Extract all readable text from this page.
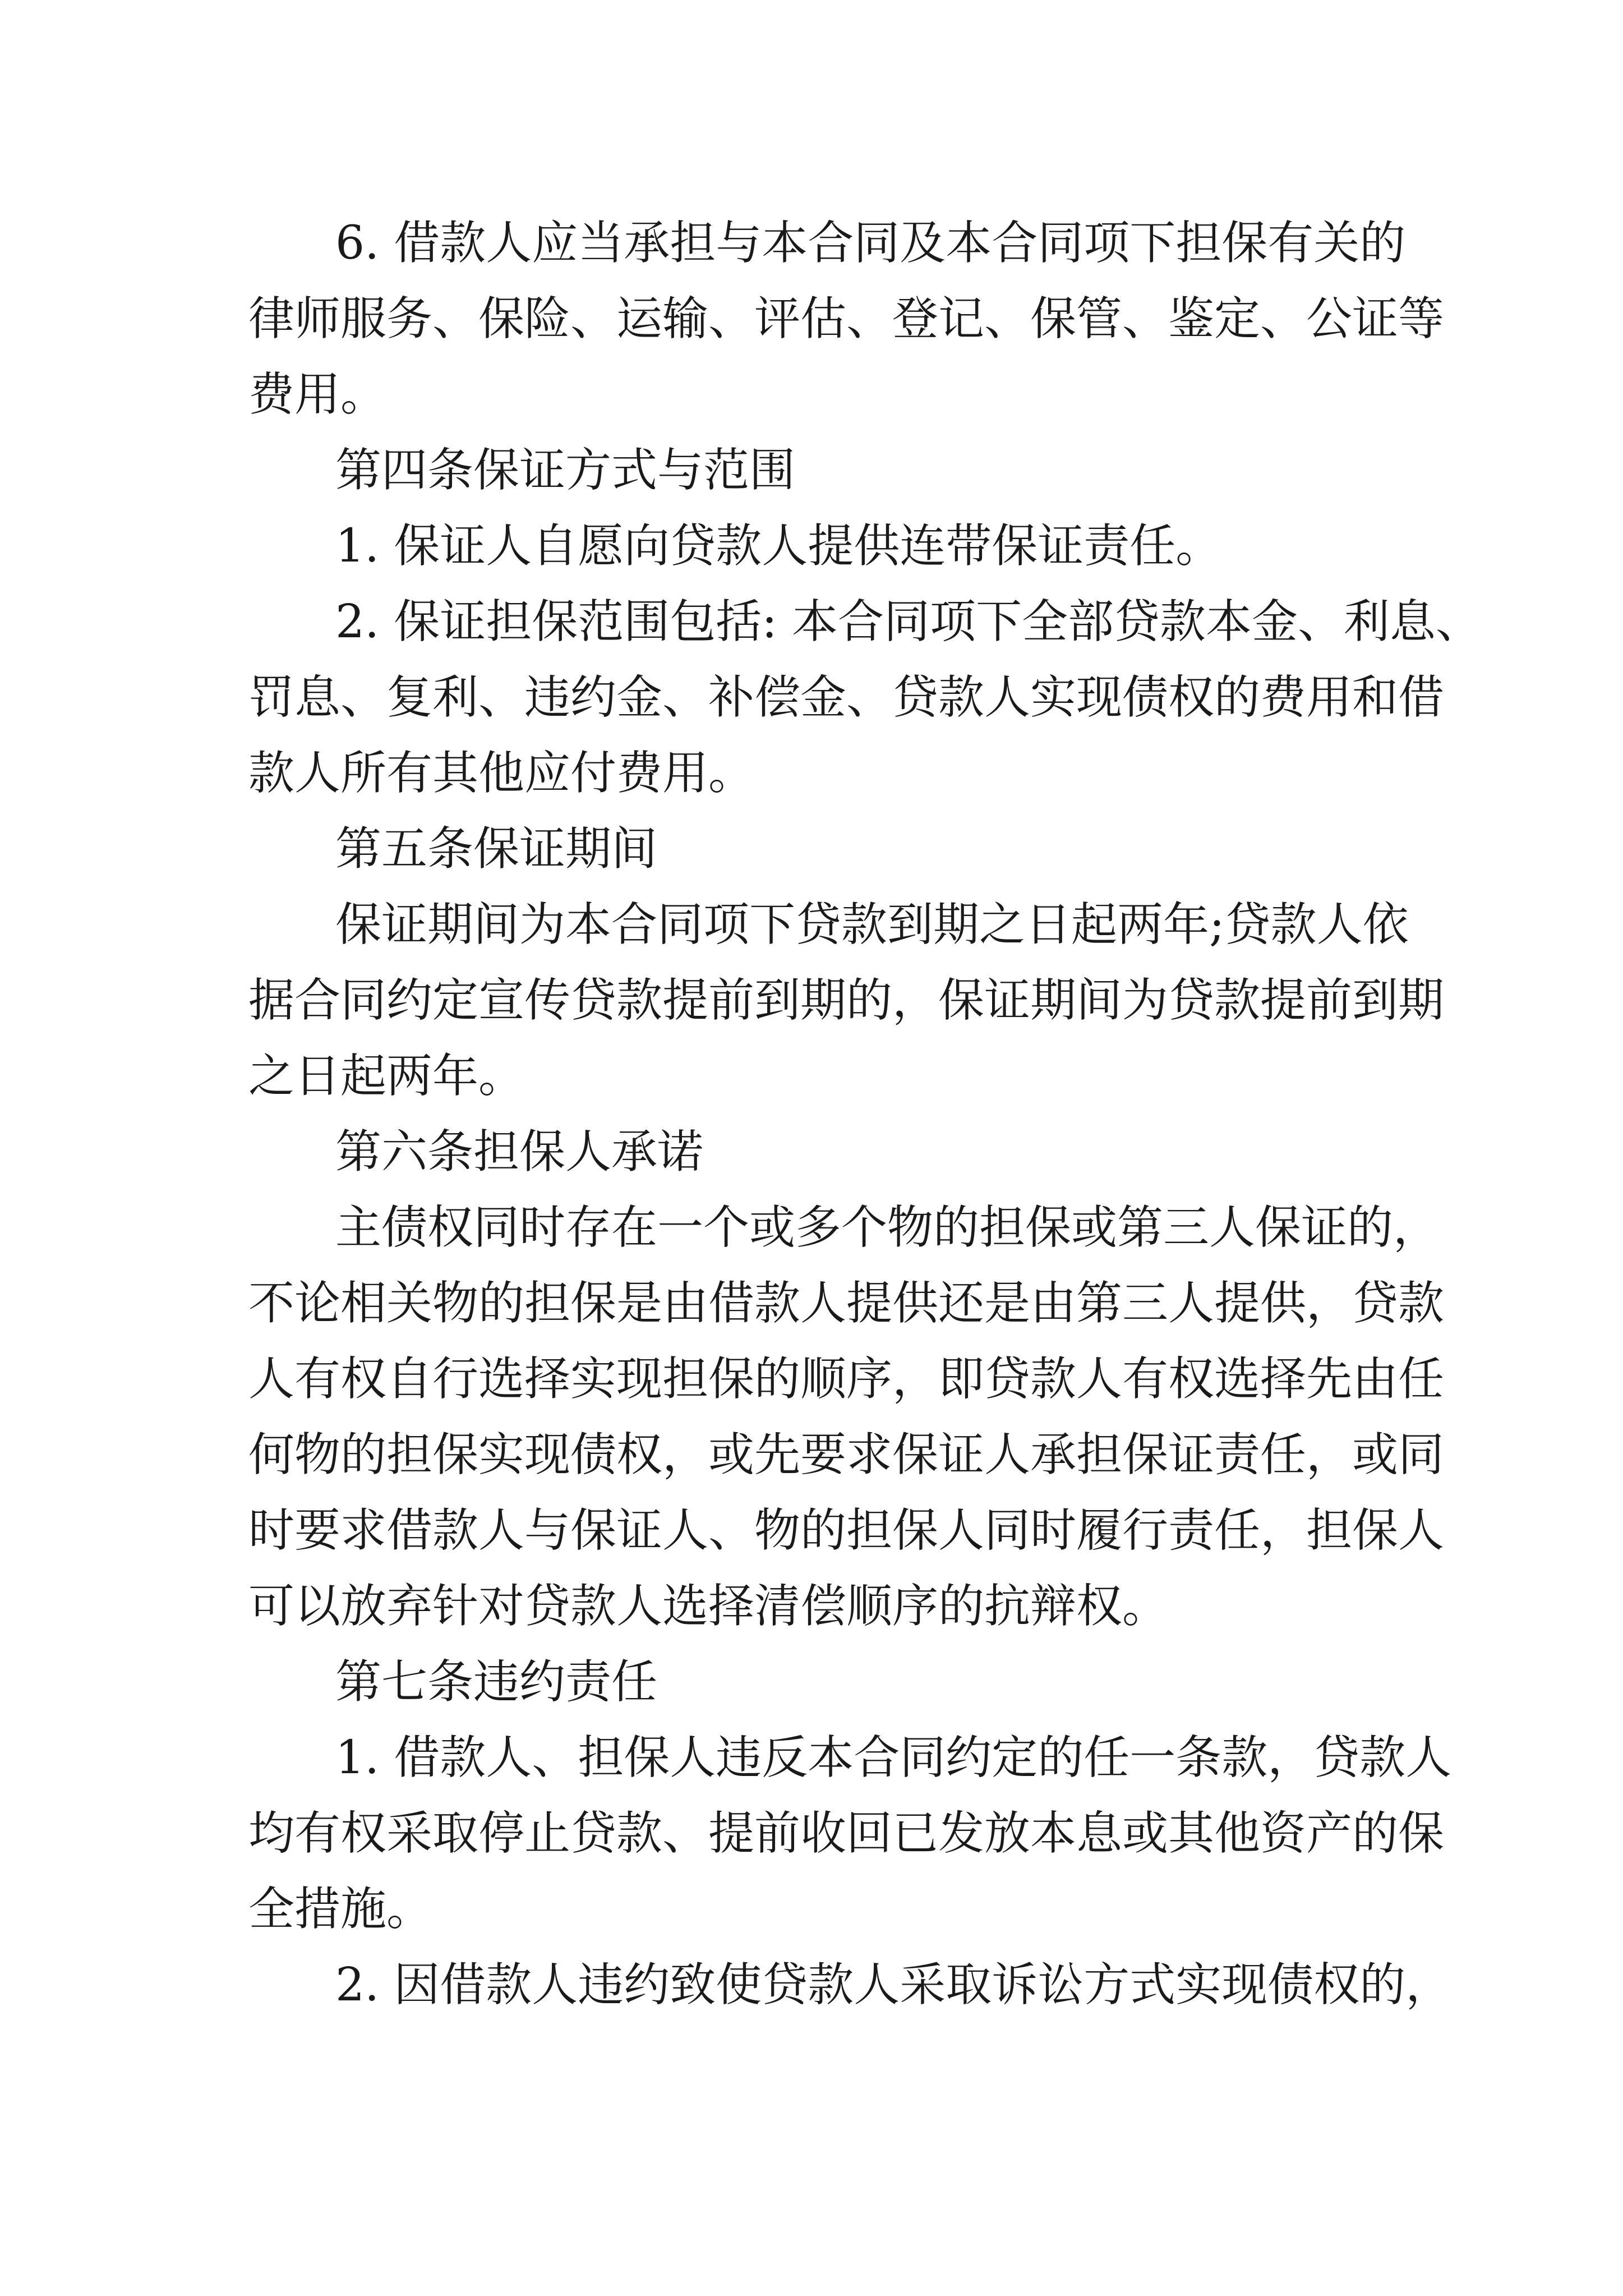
6. 借款人应当承担与本合同及本合同项下担保有关的
律师服务、保险、运输、评估、登记、保管、鉴定、公证等
费用。
第四条保证方式与范围
1. 保证人自愿向贷款人提供连带保证责任。
2. 保证担保范围包括: 本合同项下全部贷款本金、利息、
罚息、复利、违约金、补偿金、贷款人实现债权的费用和借
款人所有其他应付费用。
第五条保证期间
保证期间为本合同项下贷款到期之日起两年;贷款人依
据合同约定宣传贷款提前到期的，保证期间为贷款提前到期
之日起两年。
第六条担保人承诺
主债权同时存在一个或多个物的担保或第三人保证的，
不论相关物的担保是由借款人提供还是由第三人提供，贷款
人有权自行选择实现担保的顺序，即贷款人有权选择先由任
何物的担保实现债权，或先要求保证人承担保证责任，或同
时要求借款人与保证人、物的担保人同时履行责任，担保人
可以放弃针对贷款人选择清偿顺序的抗辩权。
第七条违约责任
1. 借款人、担保人违反本合同约定的任一条款，贷款人
均有权采取停止贷款、提前收回已发放本息或其他资产的保
全措施。
2. 因借款人违约致使贷款人采取诉讼方式实现债权的，
